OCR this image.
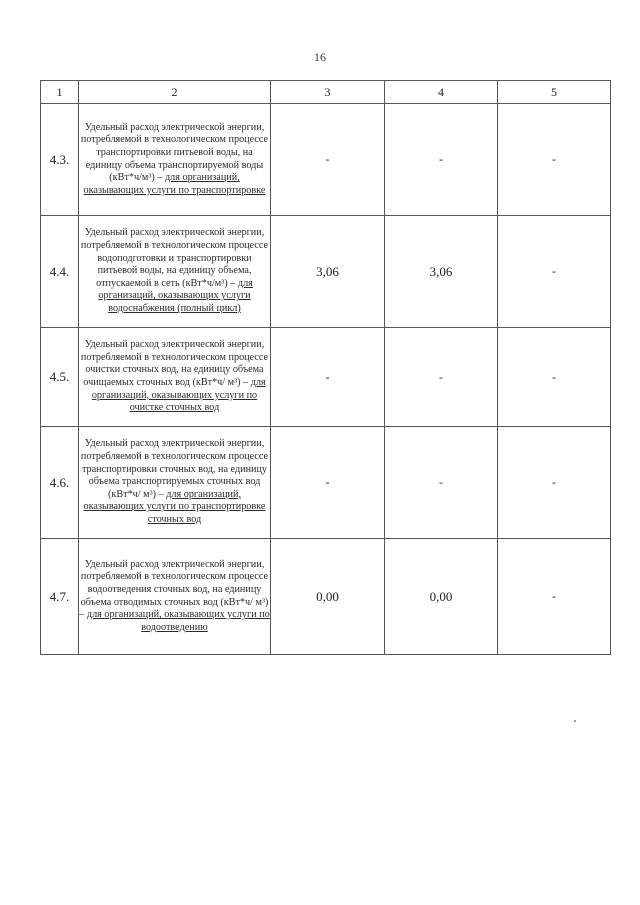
16
1	2	3	4	5
4.3.	Удельный расход электрической энергии, потребляемой в технологическом процессе транспортировки питьевой воды, на единицу объема транспортируемой воды (кВт*ч/м³) – для организаций, оказывающих услуги по транспортировке	-	-	-
4.4.	Удельный расход электрической энергии, потребляемой в технологическом процессе водоподготовки и транспортировки питьевой воды, на единицу объема, отпускаемой в сеть (кВт*ч/м³) – для организаций, оказывающих услуги водоснабжения (полный цикл)	3,06	3,06	-
4.5.	Удельный расход электрической энергии, потребляемой в технологическом процессе очистки сточных вод, на единицу объема очищаемых сточных вод (кВт*ч/ м³) – для организаций, оказывающих услуги по очистке сточных вод	-	-	-
4.6.	Удельный расход электрической энергии, потребляемой в технологическом процессе транспортировки сточных вод, на единицу объема транспортируемых сточных вод (кВт*ч/ м³) – для организаций, оказывающих услуги по транспортировке сточных вод	-	-	-
4.7.	Удельный расход электрической энергии, потребляемой в технологическом процессе водоотведения сточных вод, на единицу объема отводимых сточных вод (кВт*ч/ м³) – для организаций, оказывающих услуги по водоотведению	0,00	0,00	-
